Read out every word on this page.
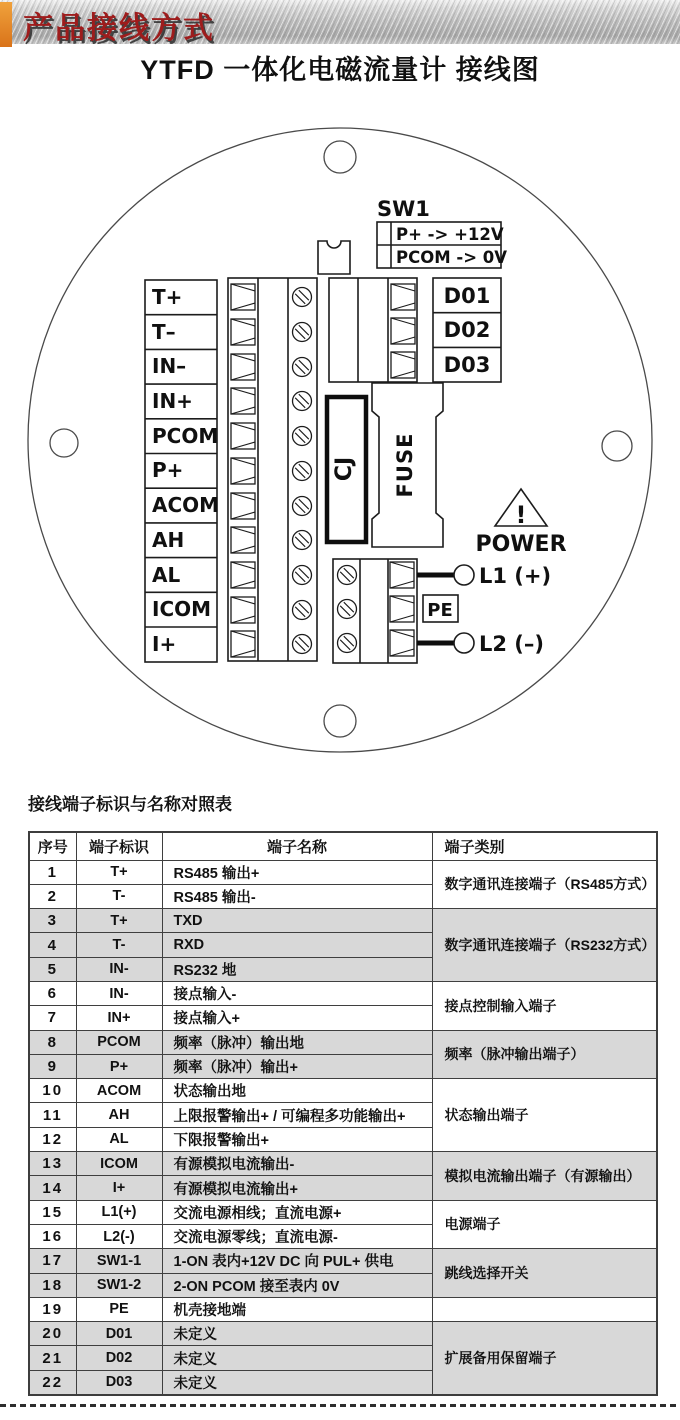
产品接线方式
YTFD 一体化电磁流量计 接线图
SW1
P+ -> +12V
PCOM -> 0V
T+
T–
IN–
IN+
PCOM
P+
ACOM
AH
AL
ICOM
I+
D01
D02
D03
CJ FUSE
!
POWER
L1 (+)
PE
L2 (–)
接线端子标识与名称对照表
序号	端子标识	端子名称	端子类别
1	T+	RS485 输出+	数字通讯连接端子（RS485方式）
2	T-	RS485 输出-	
3	T+	TXD	数字通讯连接端子（RS232方式）
4	T-	RXD	
5	IN-	RS232 地	
6	IN-	接点输入-	接点控制输入端子
7	IN+	接点输入+	
8	PCOM	频率（脉冲）输出地	频率（脉冲输出端子）
9	P+	频率（脉冲）输出+	
10	ACOM	状态输出地	状态输出端子
11	AH	上限报警输出+ / 可编程多功能输出+	
12	AL	下限报警输出+	
13	ICOM	有源模拟电流输出-	模拟电流输出端子（有源输出）
14	I+	有源模拟电流输出+	
15	L1(+)	交流电源相线；直流电源+	电源端子
16	L2(-)	交流电源零线；直流电源-	
17	SW1-1	1-ON 表内+12V DC 向 PUL+ 供电	跳线选择开关
18	SW1-2	2-ON PCOM 接至表内 0V	
19	PE	机壳接地端	
20	D01	未定义	扩展备用保留端子
21	D02	未定义	
22	D03	未定义	
